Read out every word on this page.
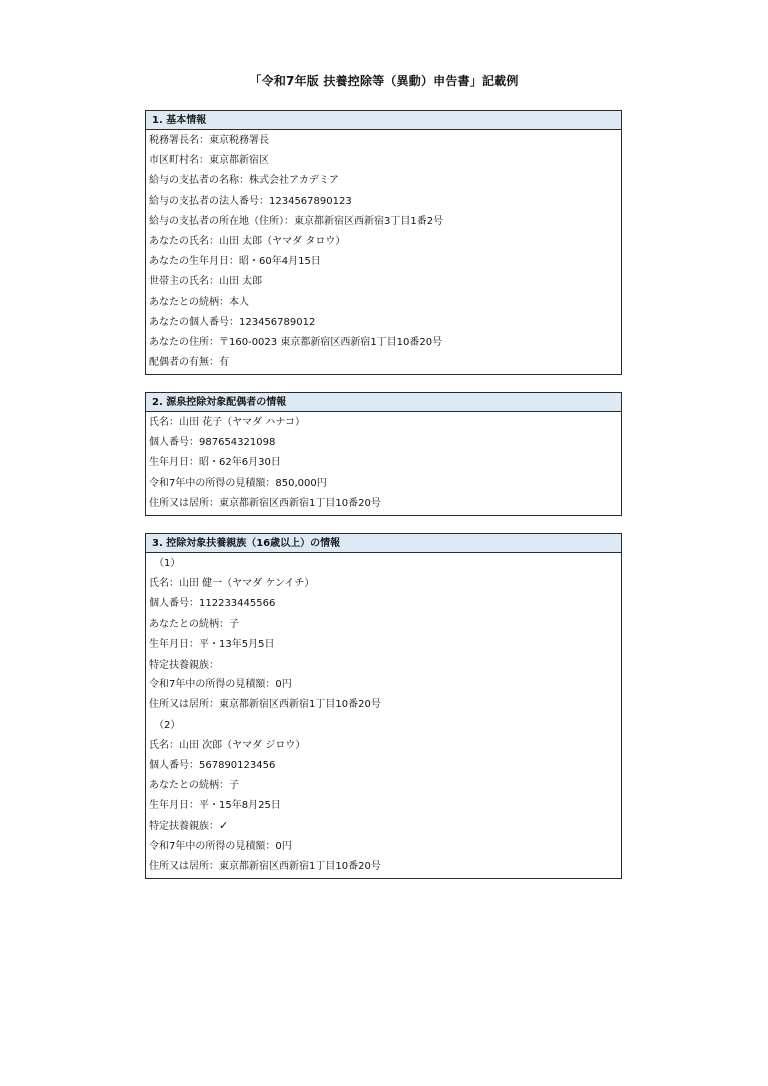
「令和7年版 扶養控除等（異動）申告書」記載例
1. 基本情報
税務署長名：東京税務署長
市区町村名：東京都新宿区
給与の支払者の名称：株式会社アカデミア
給与の支払者の法人番号：1234567890123
給与の支払者の所在地（住所）：東京都新宿区西新宿3丁目1番2号
あなたの氏名：山田 太郎（ヤマダ タロウ）
あなたの生年月日：昭・60年4月15日
世帯主の氏名：山田 太郎
あなたとの続柄：本人
あなたの個人番号：123456789012
あなたの住所：〒160-0023 東京都新宿区西新宿1丁目10番20号
配偶者の有無：有
2. 源泉控除対象配偶者の情報
氏名：山田 花子（ヤマダ ハナコ）
個人番号：987654321098
生年月日：昭・62年6月30日
令和7年中の所得の見積額：850,000円
住所又は居所：東京都新宿区西新宿1丁目10番20号
3. 控除対象扶養親族（16歳以上）の情報
（1）
氏名：山田 健一（ヤマダ ケンイチ）
個人番号：112233445566
あなたとの続柄：子
生年月日：平・13年5月5日
特定扶養親族：
令和7年中の所得の見積額：0円
住所又は居所：東京都新宿区西新宿1丁目10番20号
（2）
氏名：山田 次郎（ヤマダ ジロウ）
個人番号：567890123456
あなたとの続柄：子
生年月日：平・15年8月25日
特定扶養親族：✓
令和7年中の所得の見積額：0円
住所又は居所：東京都新宿区西新宿1丁目10番20号
